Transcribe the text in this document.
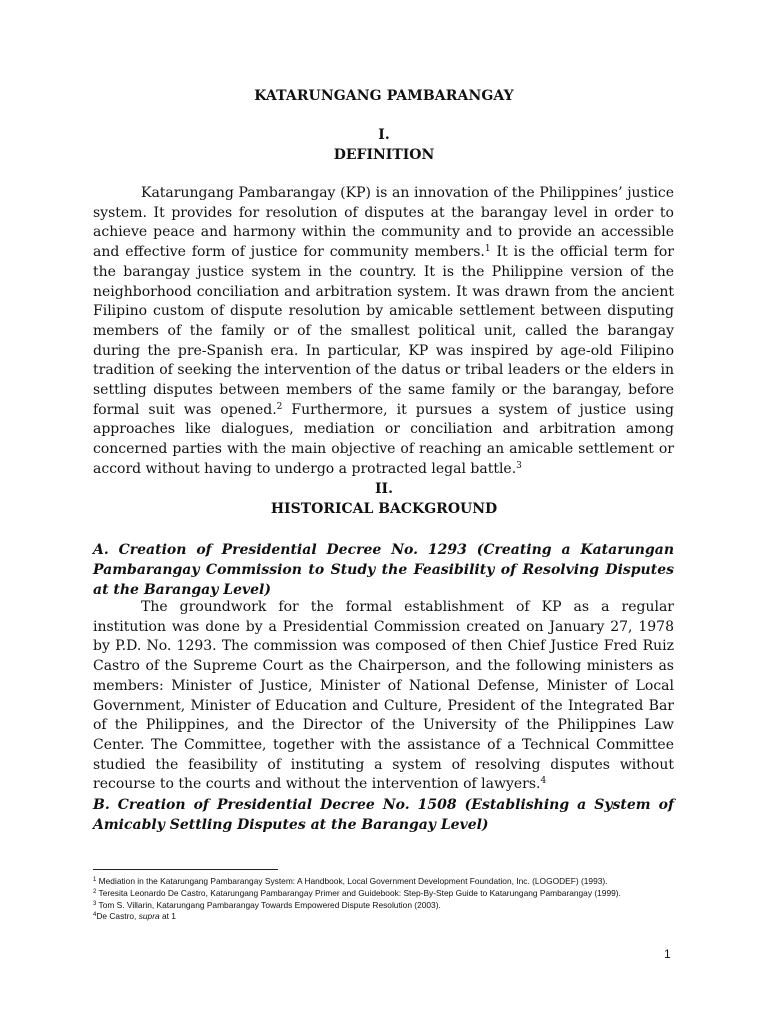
KATARUNGANG PAMBARANGAY
I.
DEFINITION

Katarungang Pambarangay (KP) is an innovation of the Philippines’ justice system. It provides for resolution of disputes at the barangay level in order to achieve peace and harmony within the community and to provide an accessible and effective form of justice for community members.$^1$ It is the official term for the barangay justice system in the country. It is the Philippine version of the neighborhood conciliation and arbitration system. It was drawn from the ancient Filipino custom of dispute resolution by amicable settlement between disputing members of the family or of the smallest political unit, called the barangay during the pre-Spanish era. In particular, KP was inspired by age-old Filipino tradition of seeking the intervention of the datus or tribal leaders or the elders in settling disputes between members of the same family or the barangay, before formal suit was opened.$^2$ Furthermore, it pursues a system of justice using approaches like dialogues, mediation or conciliation and arbitration among concerned parties with the main objective of reaching an amicable settlement or accord without having to undergo a protracted legal battle.$^3$

II.
HISTORICAL BACKGROUND

A. Creation of Presidential Decree No. 1293 (Creating a Katarungan Pambarangay Commission to Study the Feasibility of Resolving Disputes at the Barangay Level)

The groundwork for the formal establishment of KP as a regular institution was done by a Presidential Commission created on January 27, 1978 by P.D. No. 1293. The commission was composed of then Chief Justice Fred Ruiz Castro of the Supreme Court as the Chairperson, and the following ministers as members: Minister of Justice, Minister of National Defense, Minister of Local Government, Minister of Education and Culture, President of the Integrated Bar of the Philippines, and the Director of the University of the Philippines Law Center. The Committee, together with the assistance of a Technical Committee studied the feasibility of instituting a system of resolving disputes without recourse to the courts and without the intervention of lawyers.$^4$

B. Creation of Presidential Decree No. 1508 (Establishing a System of Amicably Settling Disputes at the Barangay Level)

$^1$ Mediation in the Katarungang Pambarangay System: A Handbook, Local Government Development Foundation, Inc. (LOGODEF) (1993).
$^2$ Teresita Leonardo De Castro, Katarungang Pambarangay Primer and Guidebook: Step-By-Step Guide to Katarungang Pambarangay (1999).
$^3$ Tom S. Villarin, Katarungang Pambarangay Towards Empowered Dispute Resolution (2003).
$^4$De Castro, supra at 1
1
